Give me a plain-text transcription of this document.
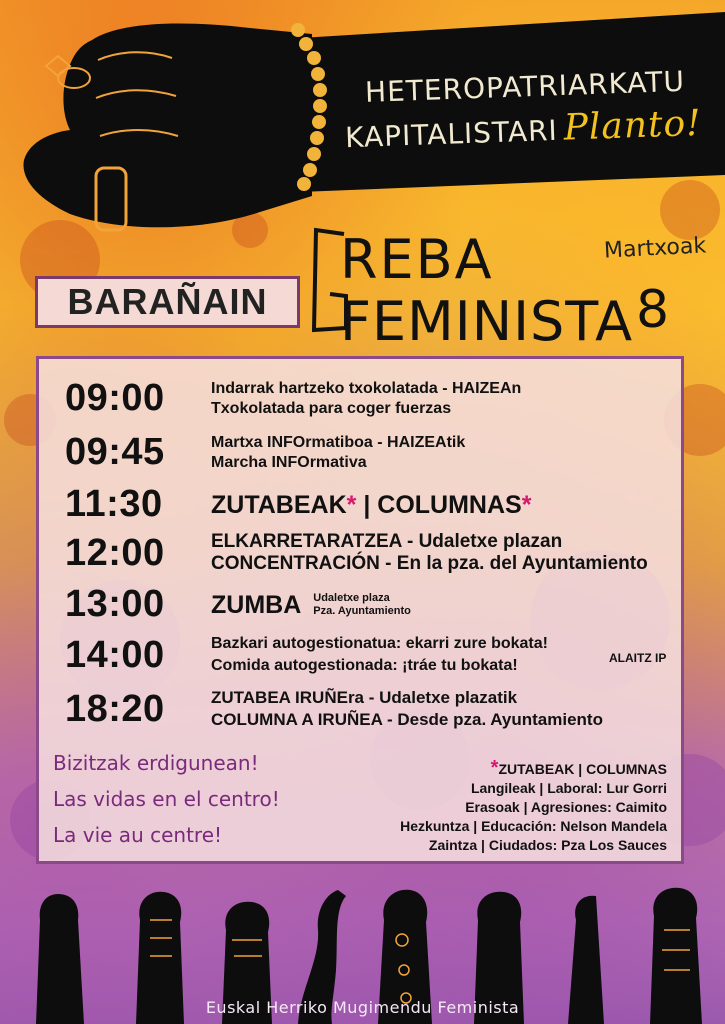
HETEROPATRIARKATU
KAPITALISTARI Planto!
BARAÑAIN
REBA
FEMINISTA
Martxoak
8
09:00	Indarrak hartzeko txokolatada - HAIZEAn
Txokolatada para coger fuerzas
09:45	Martxa INFOrmatiboa - HAIZEAtik
Marcha INFOrmativa
11:30	ZUTABEAK* | COLUMNAS*
12:00	ELKARRETARATZEA - Udaletxe plazan
CONCENTRACIÓN - En la pza. del Ayuntamiento
13:00	ZUMBA Udaletxe plaza
Pza. Ayuntamiento
14:00	Bazkari autogestionatua: ekarri zure bokata!
Comida autogestionada: ¡tráe tu bokata!	ALAITZ IP
18:20	ZUTABEA IRUÑEra - Udaletxe plazatik
COLUMNA A IRUÑEA - Desde pza. Ayuntamiento
Bizitzak erdigunean!
Las vidas en el centro!
La vie au centre!
*ZUTABEAK | COLUMNAS
Langileak | Laboral: Lur Gorri
Erasoak | Agresiones: Caimito
Hezkuntza | Educación: Nelson Mandela
Zaintza | Ciudados: Pza Los Sauces
Euskal Herriko Mugimendu Feminista
